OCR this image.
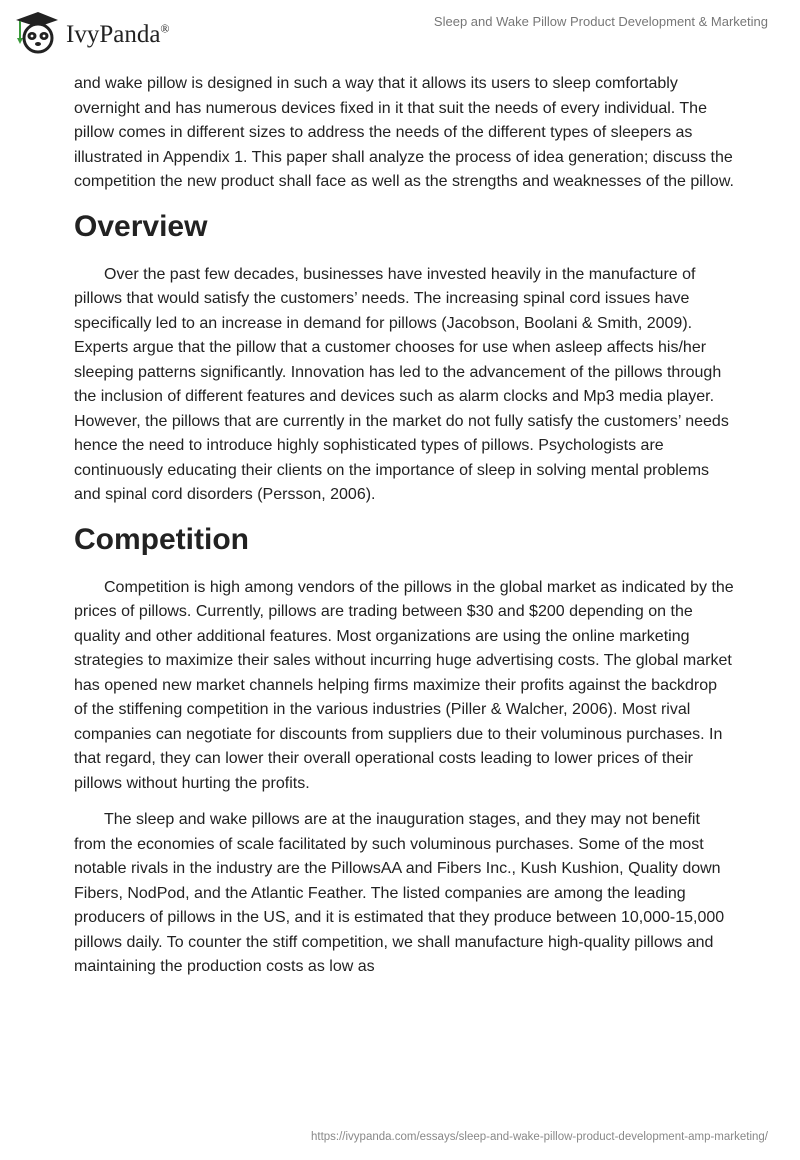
IvyPanda®	Sleep and Wake Pillow Product Development & Marketing

and wake pillow is designed in such a way that it allows its users to sleep comfortably overnight and has numerous devices fixed in it that suit the needs of every individual. The pillow comes in different sizes to address the needs of the different types of sleepers as illustrated in Appendix 1. This paper shall analyze the process of idea generation; discuss the competition the new product shall face as well as the strengths and weaknesses of the pillow.

Overview

Over the past few decades, businesses have invested heavily in the manufacture of pillows that would satisfy the customers’ needs. The increasing spinal cord issues have specifically led to an increase in demand for pillows (Jacobson, Boolani & Smith, 2009). Experts argue that the pillow that a customer chooses for use when asleep affects his/her sleeping patterns significantly. Innovation has led to the advancement of the pillows through the inclusion of different features and devices such as alarm clocks and Mp3 media player. However, the pillows that are currently in the market do not fully satisfy the customers’ needs hence the need to introduce highly sophisticated types of pillows. Psychologists are continuously educating their clients on the importance of sleep in solving mental problems and spinal cord disorders (Persson, 2006).

Competition

Competition is high among vendors of the pillows in the global market as indicated by the prices of pillows. Currently, pillows are trading between $30 and $200 depending on the quality and other additional features. Most organizations are using the online marketing strategies to maximize their sales without incurring huge advertising costs. The global market has opened new market channels helping firms maximize their profits against the backdrop of the stiffening competition in the various industries (Piller & Walcher, 2006). Most rival companies can negotiate for discounts from suppliers due to their voluminous purchases. In that regard, they can lower their overall operational costs leading to lower prices of their pillows without hurting the profits.

The sleep and wake pillows are at the inauguration stages, and they may not benefit from the economies of scale facilitated by such voluminous purchases. Some of the most notable rivals in the industry are the PillowsAA and Fibers Inc., Kush Kushion, Quality down Fibers, NodPod, and the Atlantic Feather. The listed companies are among the leading producers of pillows in the US, and it is estimated that they produce between 10,000-15,000 pillows daily. To counter the stiff competition, we shall manufacture high-quality pillows and maintaining the production costs as low as

https://ivypanda.com/essays/sleep-and-wake-pillow-product-development-amp-marketing/
